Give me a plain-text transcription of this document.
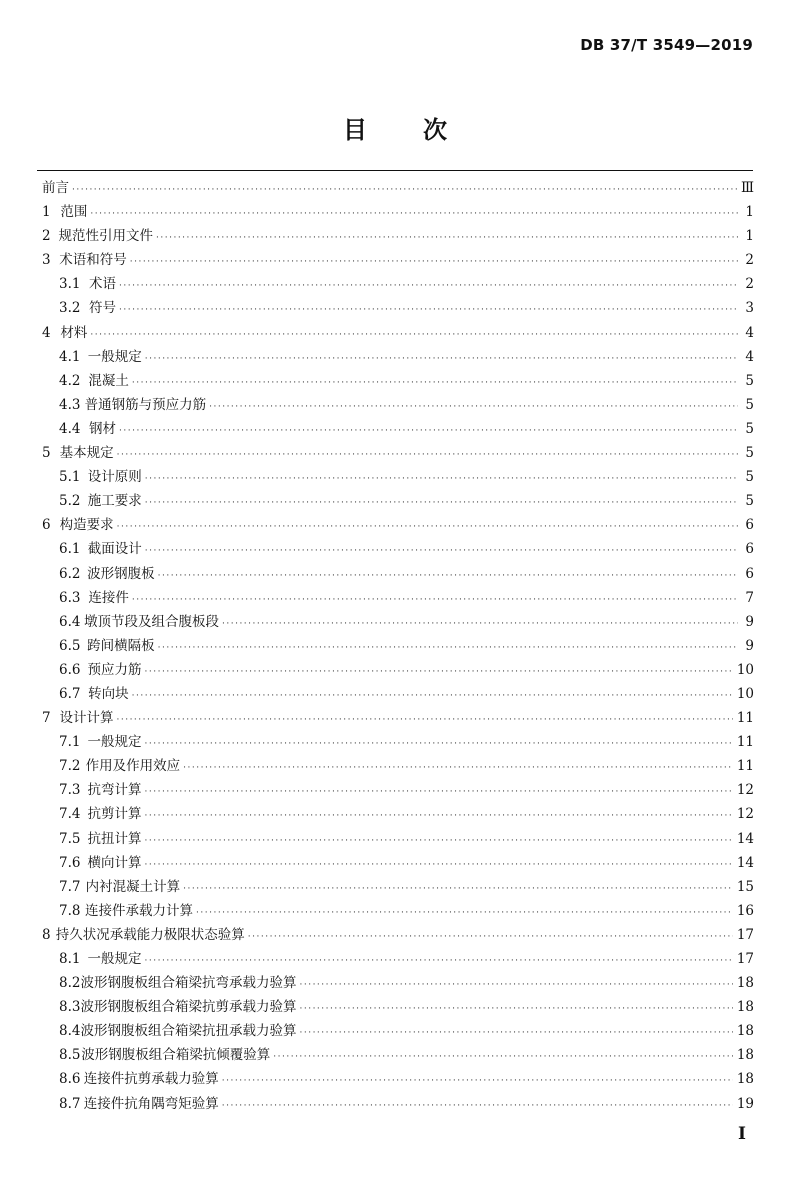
DB 37/T 3549—2019
目 次
前言 ·····	Ⅲ
1 范围 ·····	1
2 规范性引用文件 ·····	1
3 术语和符号 ·····	2
3.1 术语 ·····	2
3.2 符号 ·····	3
4 材料 ·····	4
4.1 一般规定 ·····	4
4.2 混凝土 ·····	5
4.3 普通钢筋与预应力筋 ·····	5
4.4 钢材 ·····	5
5 基本规定 ·····	5
5.1 设计原则 ·····	5
5.2 施工要求 ·····	5
6 构造要求 ·····	6
6.1 截面设计 ·····	6
6.2 波形钢腹板 ·····	6
6.3 连接件 ·····	7
6.4 墩顶节段及组合腹板段 ·····	9
6.5 跨间横隔板 ·····	9
6.6 预应力筋 ·····	10
6.7 转向块 ·····	10
7 设计计算 ·····	11
7.1 一般规定 ·····	11
7.2 作用及作用效应 ·····	11
7.3 抗弯计算 ·····	12
7.4 抗剪计算 ·····	12
7.5 抗扭计算 ·····	14
7.6 横向计算 ·····	14
7.7 内衬混凝土计算 ·····	15
7.8 连接件承载力计算 ·····	16
8 持久状况承载能力极限状态验算 ·····	17
8.1 一般规定 ·····	17
8.2 波形钢腹板组合箱梁抗弯承载力验算 ·····	18
8.3 波形钢腹板组合箱梁抗剪承载力验算 ·····	18
8.4 波形钢腹板组合箱梁抗扭承载力验算 ·····	18
8.5 波形钢腹板组合箱梁抗倾覆验算 ·····	18
8.6 连接件抗剪承载力验算 ·····	18
8.7 连接件抗角隅弯矩验算 ·····	19
I
